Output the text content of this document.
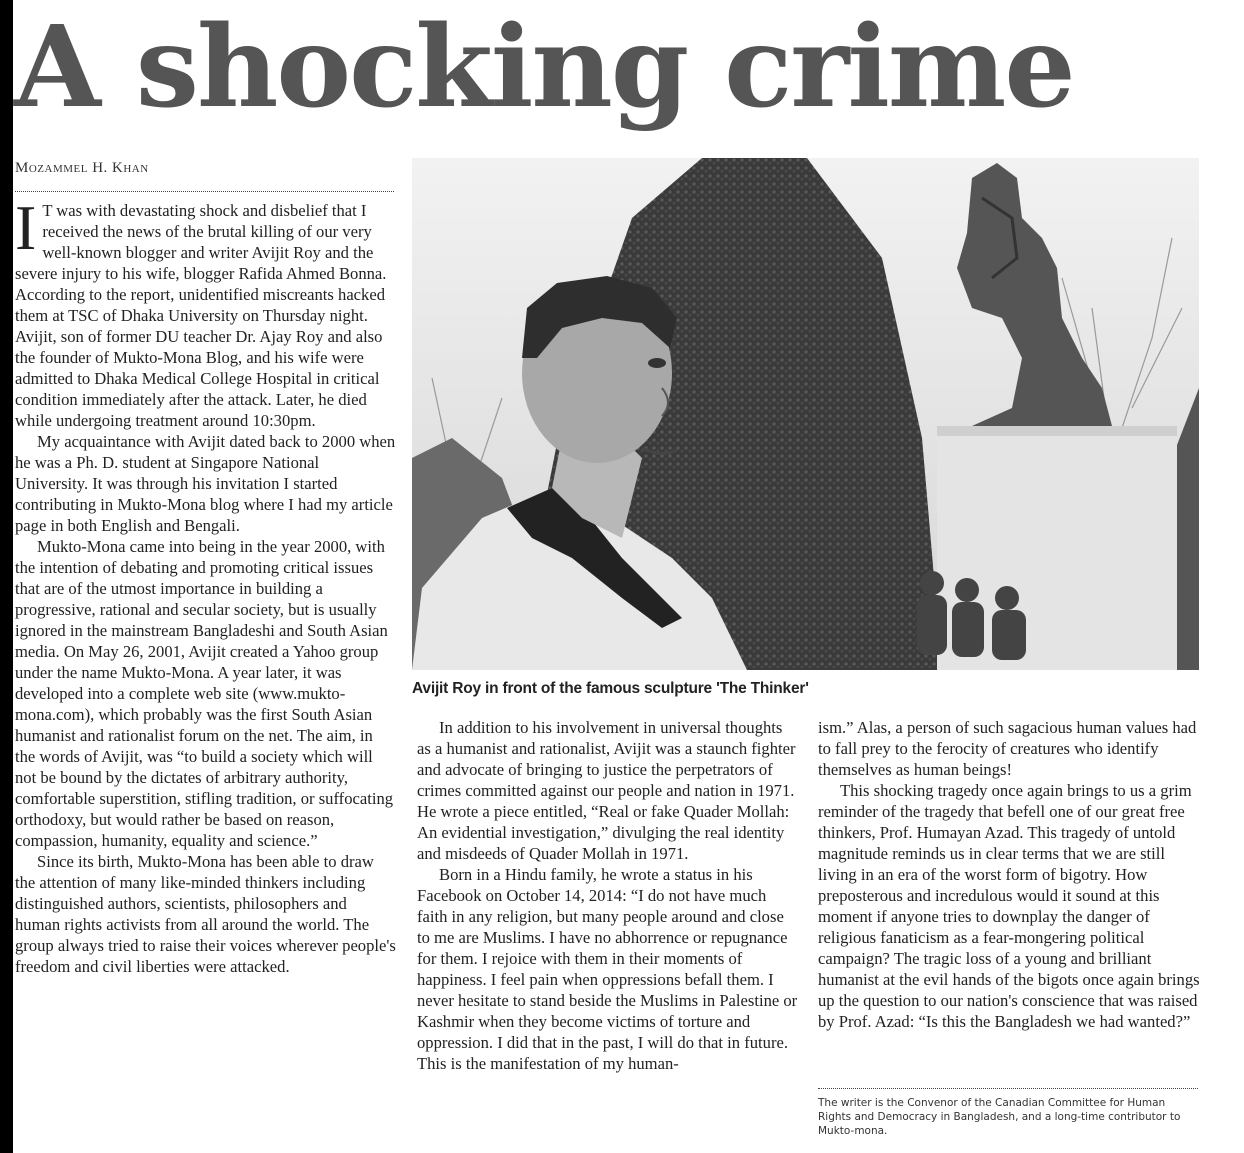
A shocking crime
Mozammel H. Khan

I T was with devastating shock and disbelief that I received the news of the brutal killing of our very well-known blogger and writer Avijit Roy and the severe injury to his wife, blogger Rafida Ahmed Bonna. According to the report, unidentified miscreants hacked them at TSC of Dhaka University on Thursday night. Avijit, son of former DU teacher Dr. Ajay Roy and also the founder of Mukto-Mona Blog, and his wife were admitted to Dhaka Medical College Hospital in critical condition immediately after the attack. Later, he died while undergoing treatment around 10:30pm.

My acquaintance with Avijit dated back to 2000 when he was a Ph. D. student at Singapore National University. It was through his invitation I started contributing in Mukto-Mona blog where I had my article page in both English and Bengali.

Mukto-Mona came into being in the year 2000, with the intention of debating and promoting critical issues that are of the utmost importance in building a progressive, rational and secular society, but is usually ignored in the mainstream Bangladeshi and South Asian media. On May 26, 2001, Avijit created a Yahoo group under the name Mukto-Mona. A year later, it was developed into a complete web site (www.mukto-mona.com), which probably was the first South Asian humanist and rationalist forum on the net. The aim, in the words of Avijit, was “to build a society which will not be bound by the dictates of arbitrary authority, comfortable superstition, stifling tradition, or suffocating orthodoxy, but would rather be based on reason, compassion, humanity, equality and science.”

Since its birth, Mukto-Mona has been able to draw the attention of many like-minded thinkers including distinguished authors, scientists, philosophers and human rights activists from all around the world. The group always tried to raise their voices wherever people's freedom and civil liberties were attacked.

Avijit Roy in front of the famous sculpture 'The Thinker'

In addition to his involvement in universal thoughts as a humanist and rationalist, Avijit was a staunch fighter and advocate of bringing to justice the perpetrators of crimes committed against our people and nation in 1971. He wrote a piece entitled, “Real or fake Quader Mollah: An evidential investigation,” divulging the real identity and misdeeds of Quader Mollah in 1971.

Born in a Hindu family, he wrote a status in his Facebook on October 14, 2014: “I do not have much faith in any religion, but many people around and close to me are Muslims. I have no abhorrence or repugnance for them. I rejoice with them in their moments of happiness. I feel pain when oppressions befall them. I never hesitate to stand beside the Muslims in Palestine or Kashmir when they become victims of torture and oppression. I did that in the past, I will do that in future. This is the manifestation of my human-

ism.” Alas, a person of such sagacious human values had to fall prey to the ferocity of creatures who identify themselves as human beings!

This shocking tragedy once again brings to us a grim reminder of the tragedy that befell one of our great free thinkers, Prof. Humayan Azad. This tragedy of untold magnitude reminds us in clear terms that we are still living in an era of the worst form of bigotry. How preposterous and incredulous would it sound at this moment if anyone tries to downplay the danger of religious fanaticism as a fear-mongering political campaign? The tragic loss of a young and brilliant humanist at the evil hands of the bigots once again brings up the question to our nation's conscience that was raised by Prof. Azad: “Is this the Bangladesh we had wanted?”

The writer is the Convenor of the Canadian Committee for Human Rights and Democracy in Bangladesh, and a long-time contributor to Mukto-mona.
